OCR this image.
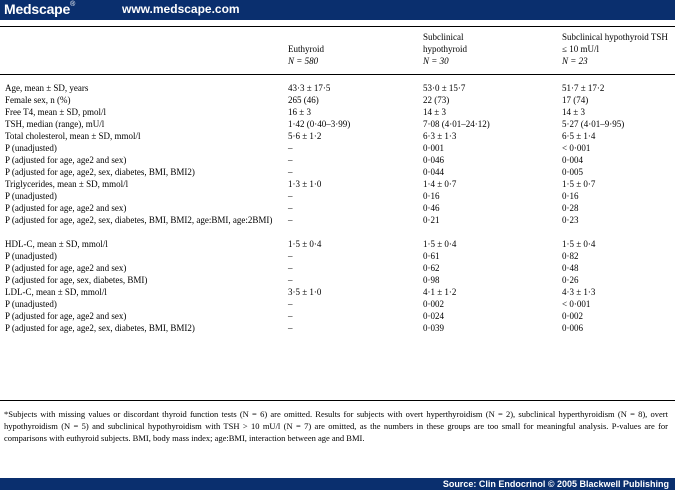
Medscape®	www.medscape.com
Euthyroid
N = 580
Subclinical hypothyroid
N = 30
Subclinical hypothyroid TSH ≤ 10 mU/l
N = 23
Age, mean ± SD, years	43·3 ± 17·5	53·0 ± 15·7	51·7 ± 17·2
Female sex, n (%)	265 (46)	22 (73)	17 (74)
Free T4, mean ± SD, pmol/l	16 ± 3	14 ± 3	14 ± 3
TSH, median (range), mU/l	1·42 (0·40–3·99)	7·08 (4·01–24·12)	5·27 (4·01–9·95)
Total cholesterol, mean ± SD, mmol/l	5·6 ± 1·2	6·3 ± 1·3	6·5 ± 1·4
P (unadjusted)	–	0·001	< 0·001
P (adjusted for age, age2 and sex)	–	0·046	0·004
P (adjusted for age, age2, sex, diabetes, BMI, BMI2)	–	0·044	0·005
Triglycerides, mean ± SD, mmol/l	1·3 ± 1·0	1·4 ± 0·7	1·5 ± 0·7
P (unadjusted)	–	0·16	0·16
P (adjusted for age, age2 and sex)	–	0·46	0·28
P (adjusted for age, age2, sex, diabetes, BMI, BMI2, age:BMI, age:2BMI)	–	0·21	0·23
HDL-C, mean ± SD, mmol/l	1·5 ± 0·4	1·5 ± 0·4	1·5 ± 0·4
P (unadjusted)	–	0·61	0·82
P (adjusted for age, age2 and sex)	–	0·62	0·48
P (adjusted for age, sex, diabetes, BMI)	–	0·98	0·26
LDL-C, mean ± SD, mmol/l	3·5 ± 1·0	4·1 ± 1·2	4·3 ± 1·3
P (unadjusted)	–	0·002	< 0·001
P (adjusted for age, age2 and sex)	–	0·024	0·002
P (adjusted for age, age2, sex, diabetes, BMI, BMI2)	–	0·039	0·006
*Subjects with missing values or discordant thyroid function tests (N = 6) are omitted. Results for subjects with overt hyperthyroidism (N = 2), subclinical hyperthyroidism (N = 8), overt hypothyroidism (N = 5) and subclinical hypothyroidism with TSH > 10 mU/l (N = 7) are omitted, as the numbers in these groups are too small for meaningful analysis. P-values are for comparisons with euthyroid subjects. BMI, body mass index; age:BMI, interaction between age and BMI.
Source: Clin Endocrinol © 2005 Blackwell Publishing
